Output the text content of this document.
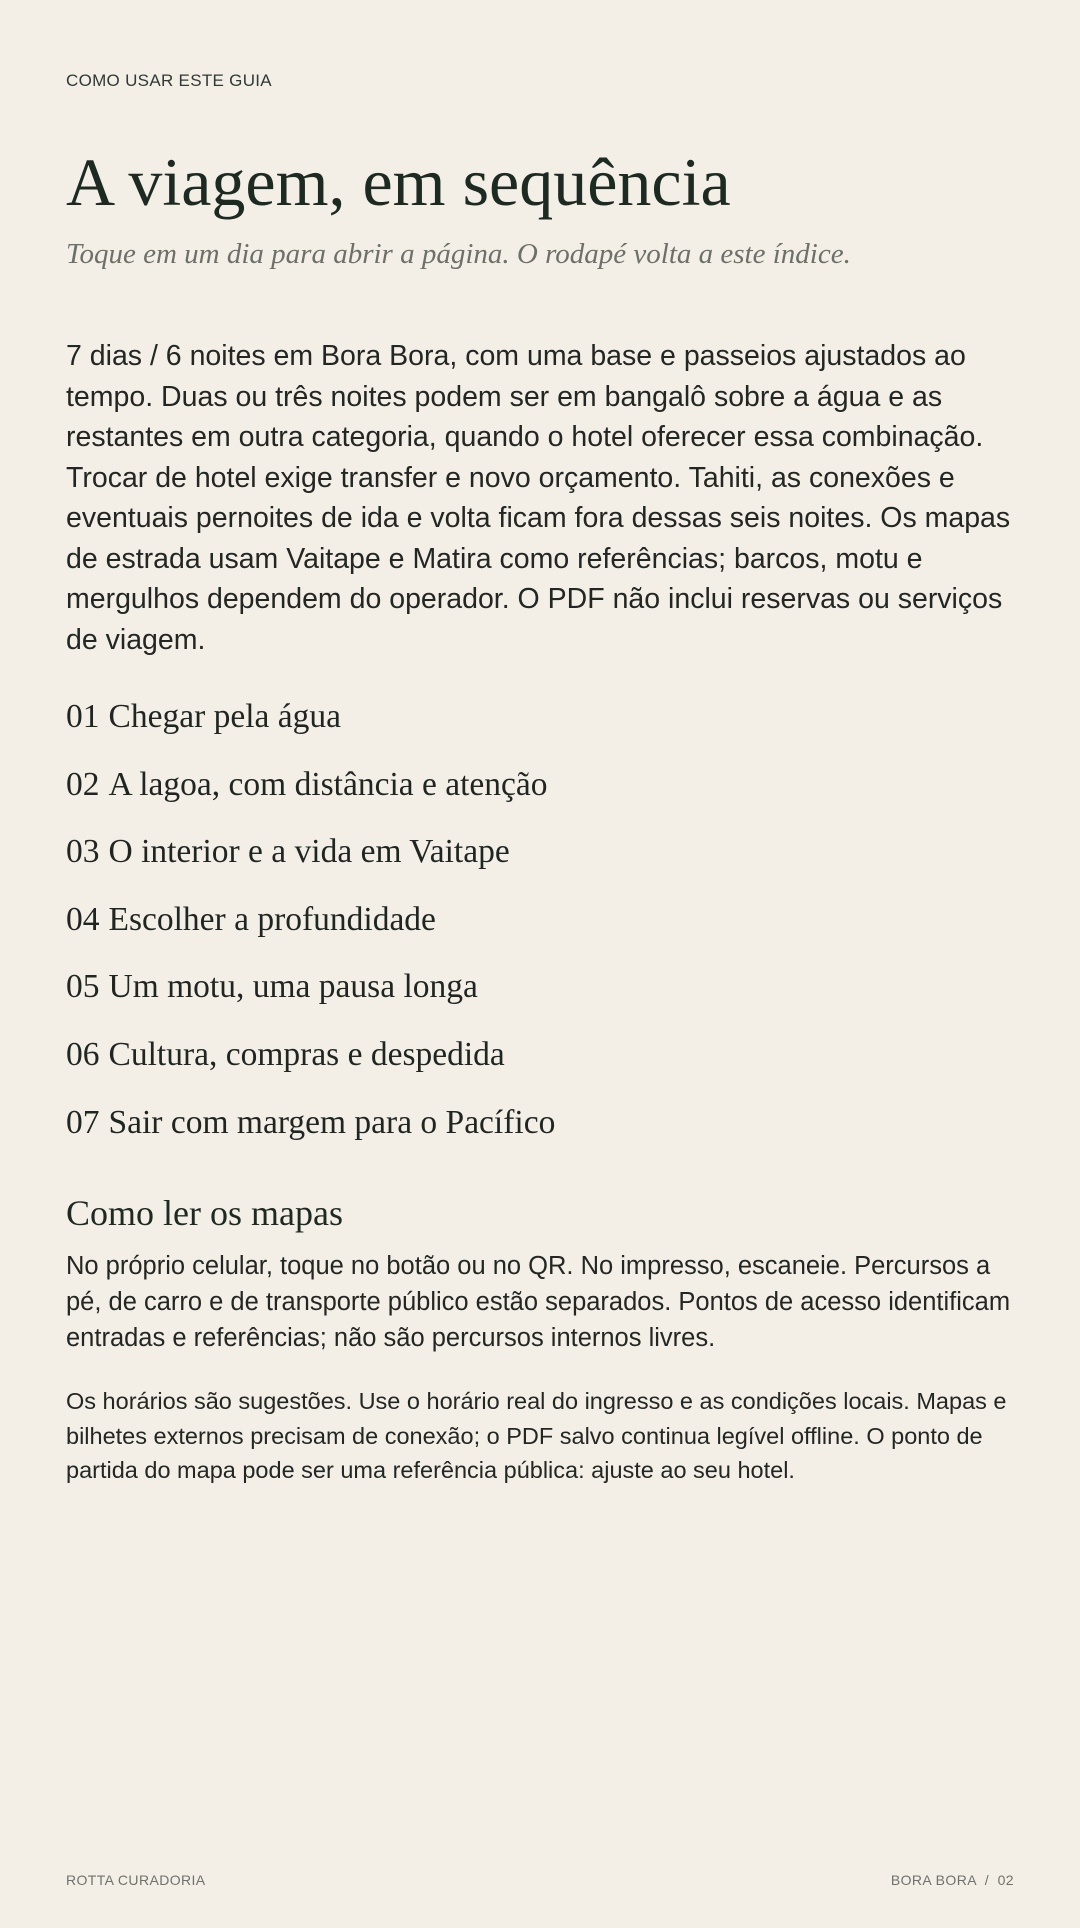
COMO USAR ESTE GUIA

A viagem, em sequência

Toque em um dia para abrir a página. O rodapé volta a este índice.

7 dias / 6 noites em Bora Bora, com uma base e passeios ajustados ao tempo. Duas ou três noites podem ser em bangalô sobre a água e as restantes em outra categoria, quando o hotel oferecer essa combinação. Trocar de hotel exige transfer e novo orçamento. Tahiti, as conexões e eventuais pernoites de ida e volta ficam fora dessas seis noites. Os mapas de estrada usam Vaitape e Matira como referências; barcos, motu e mergulhos dependem do operador. O PDF não inclui reservas ou serviços de viagem.

01 Chegar pela água
02 A lagoa, com distância e atenção
03 O interior e a vida em Vaitape
04 Escolher a profundidade
05 Um motu, uma pausa longa
06 Cultura, compras e despedida
07 Sair com margem para o Pacífico
Como ler os mapas

No próprio celular, toque no botão ou no QR. No impresso, escaneie. Percursos a pé, de carro e de transporte público estão separados. Pontos de acesso identificam entradas e referências; não são percursos internos livres.

Os horários são sugestões. Use o horário real do ingresso e as condições locais. Mapas e bilhetes externos precisam de conexão; o PDF salvo continua legível offline. O ponto de partida do mapa pode ser uma referência pública: ajuste ao seu hotel.

ROTTA CURADORIA	BORA BORA  /  02
